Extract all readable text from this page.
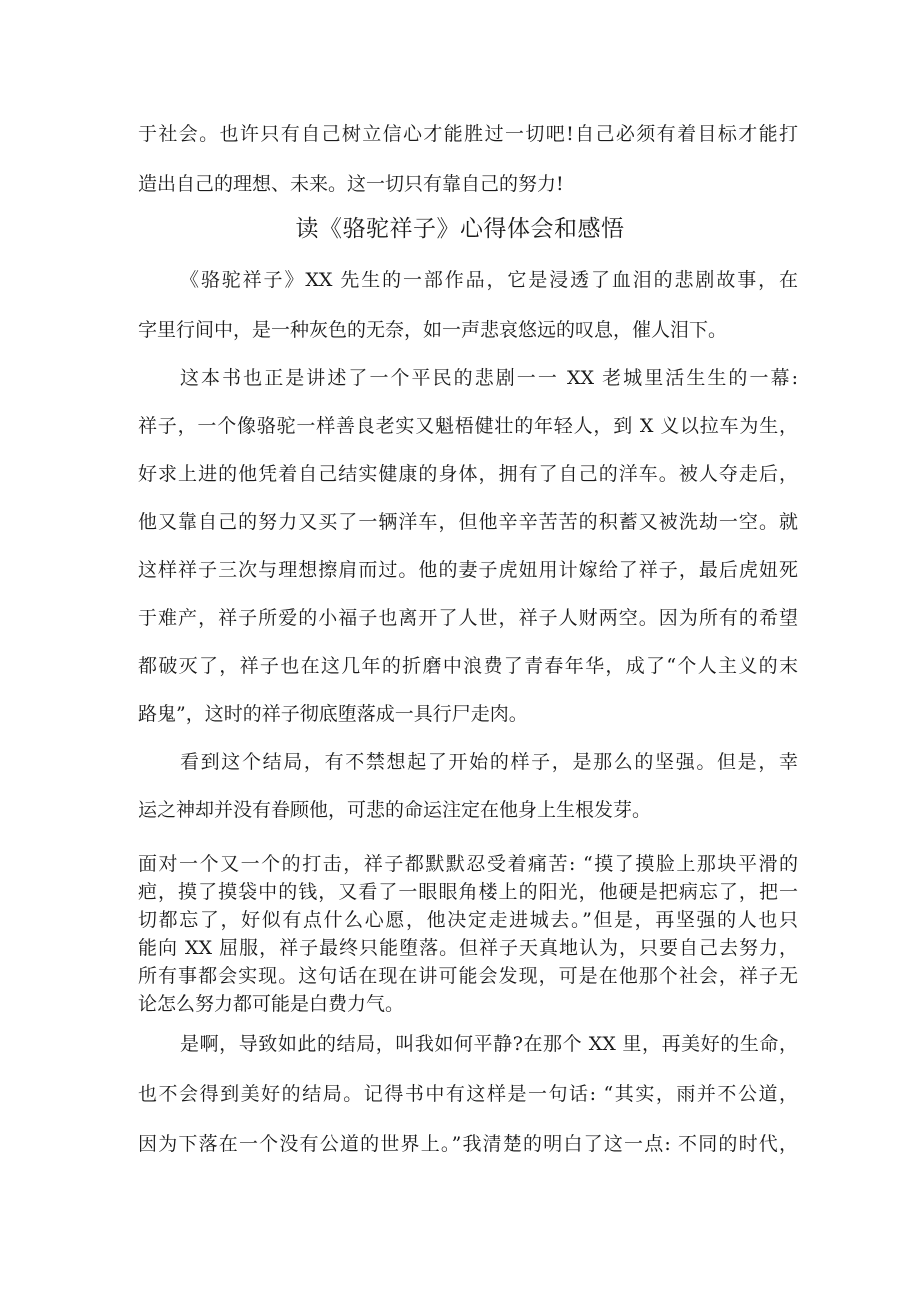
于社会。也许只有自己树立信心才能胜过一切吧!自己必须有着目标才能打
造出自己的理想、未来。这一切只有靠自己的努力!
读《骆驼祥子》心得体会和感悟
《骆驼祥子》XX 先生的一部作品，它是浸透了血泪的悲剧故事，在
字里行间中，是一种灰色的无奈，如一声悲哀悠远的叹息，催人泪下。
这本书也正是讲述了一个平民的悲剧一一 XX 老城里活生生的一幕:
祥子，一个像骆驼一样善良老实又魁梧健壮的年轻人，到 X 义以拉车为生，
好求上进的他凭着自己结实健康的身体，拥有了自己的洋车。被人夺走后，
他又靠自己的努力又买了一辆洋车，但他辛辛苦苦的积蓄又被洗劫一空。就
这样祥子三次与理想擦肩而过。他的妻子虎妞用计嫁给了祥子，最后虎妞死
于难产，祥子所爱的小福子也离开了人世，祥子人财两空。因为所有的希望
都破灭了，祥子也在这几年的折磨中浪费了青春年华，成了“个人主义的末
路鬼”，这时的祥子彻底堕落成一具行尸走肉。
看到这个结局，有不禁想起了开始的样子，是那么的坚强。但是，幸
运之神却并没有眷顾他，可悲的命运注定在他身上生根发芽。
面对一个又一个的打击，祥子都默默忍受着痛苦: “摸了摸脸上那块平滑的
疤，摸了摸袋中的钱，又看了一眼眼角楼上的阳光，他硬是把病忘了，把一
切都忘了，好似有点什么心愿，他决定走进城去。”但是，再坚强的人也只
能向 XX 屈服，祥子最终只能堕落。但祥子天真地认为，只要自己去努力，
所有事都会实现。这句话在现在讲可能会发现，可是在他那个社会，祥子无
论怎么努力都可能是白费力气。
是啊，导致如此的结局，叫我如何平静?在那个 XX 里，再美好的生命，
也不会得到美好的结局。记得书中有这样是一句话: “其实，雨并不公道，
因为下落在一个没有公道的世界上。”我清楚的明白了这一点: 不同的时代，
